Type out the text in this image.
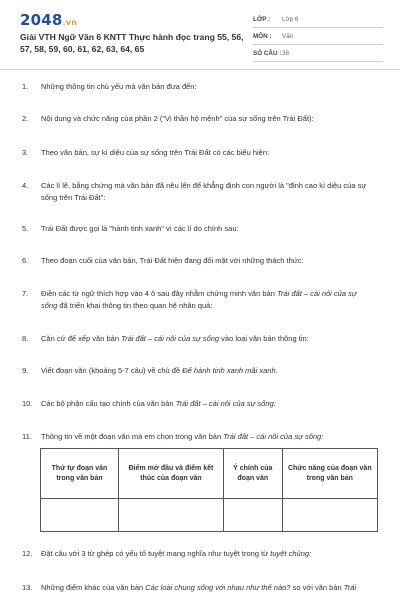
2048.vn
Giải VTH Ngữ Văn 6 KNTT Thực hành đọc trang 55, 56, 57, 58, 59, 60, 61, 62, 63, 64, 65
LỚP : Lớp 6
MÔN : Văn
SỐ CÂU : 38
1. Những thông tin chủ yếu mà văn bản đưa đến:
2. Nội dung và chức năng của phần 2 ("Vị thần hộ mệnh" của sự sống trên Trái Đất):
3. Theo văn bản, sự kì diệu của sự sống trên Trái Đất có các biểu hiện:
4. Các lí lẽ, bằng chứng mà văn bản đã nêu lên để khẳng định con người là "đỉnh cao kì diệu của sự sống trên Trái Đất":
5. Trái Đất được gọi là "hành tinh xanh" vì các lí do chính sau:
6. Theo đoạn cuối của văn bản, Trái Đất hiện đang đối mặt với những thách thức:
7. Điền các từ ngữ thích hợp vào 4 ô sau đây nhằm chứng minh văn bản Trái đất – cái nôi của sự sống đã triển khai thông tin theo quan hệ nhân quả:
8. Căn cứ để xếp văn bản Trái đất – cái nôi của sự sống vào loại văn bản thông tin:
9. Viết đoạn văn (khoảng 5-7 câu) về chủ đề Để hành tinh xanh mãi xanh.
10. Các bộ phận cấu tạo chính của văn bản Trái đất – cái nôi của sự sống:
11. Thông tin về một đoạn văn mà em chọn trong văn bản Trái đất – cái nôi của sự sống:
12. Đặt câu với 3 từ ghép có yếu tố tuyệt mang nghĩa như tuyệt trong từ tuyệt chủng:
13. Những điểm khác của văn bản Các loài chung sống với nhau như thế nào? so với văn bản Trái
Thứ tự đoạn văn trong văn bản	Điểm mở đầu và điểm kết thúc của đoạn văn	Ý chính của đoạn văn	Chức năng của đoạn văn trong văn bản
